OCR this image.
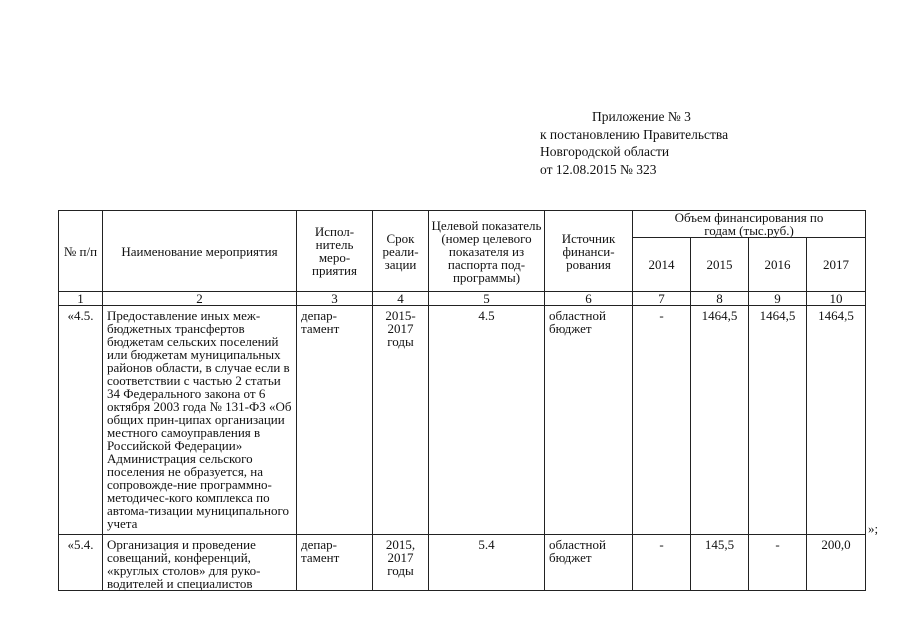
Приложение № 3
к постановлению Правительства
Новгородской области
от 12.08.2015 № 323
№ п/п	Наименование мероприятия	Испол-нитель меро-приятия	Срок реали-зации	Целевой показатель (номер целевого показателя из паспорта под-программы)	Источник финанси-рования	Объем финансирования по годам (тыс.руб.)			
						2014	2015	2016	2017
1	2	3	4	5	6	7	8	9	10
«4.5.	Предоставление иных меж-бюджетных трансфертов бюджетам сельских поселений или бюджетам муниципальных районов области, в случае если в соответствии с частью 2 статьи 34 Федерального закона от 6 октября 2003 года № 131-ФЗ «Об общих прин-ципах организации местного самоуправления в Российской Федерации» Администрация сельского поселения не образуется, на сопровожде-ние программно-методичес-кого комплекса по автома-тизации муниципального учета	депар-тамент	2015-2017 годы	4.5	областной бюджет	-	1464,5	1464,5	1464,5
«5.4.	Организация и проведение совещаний, конференций, «круглых столов» для руко-водителей и специалистов	депар-тамент	2015, 2017 годы	5.4	областной бюджет	-	145,5	-	200,0
»;
